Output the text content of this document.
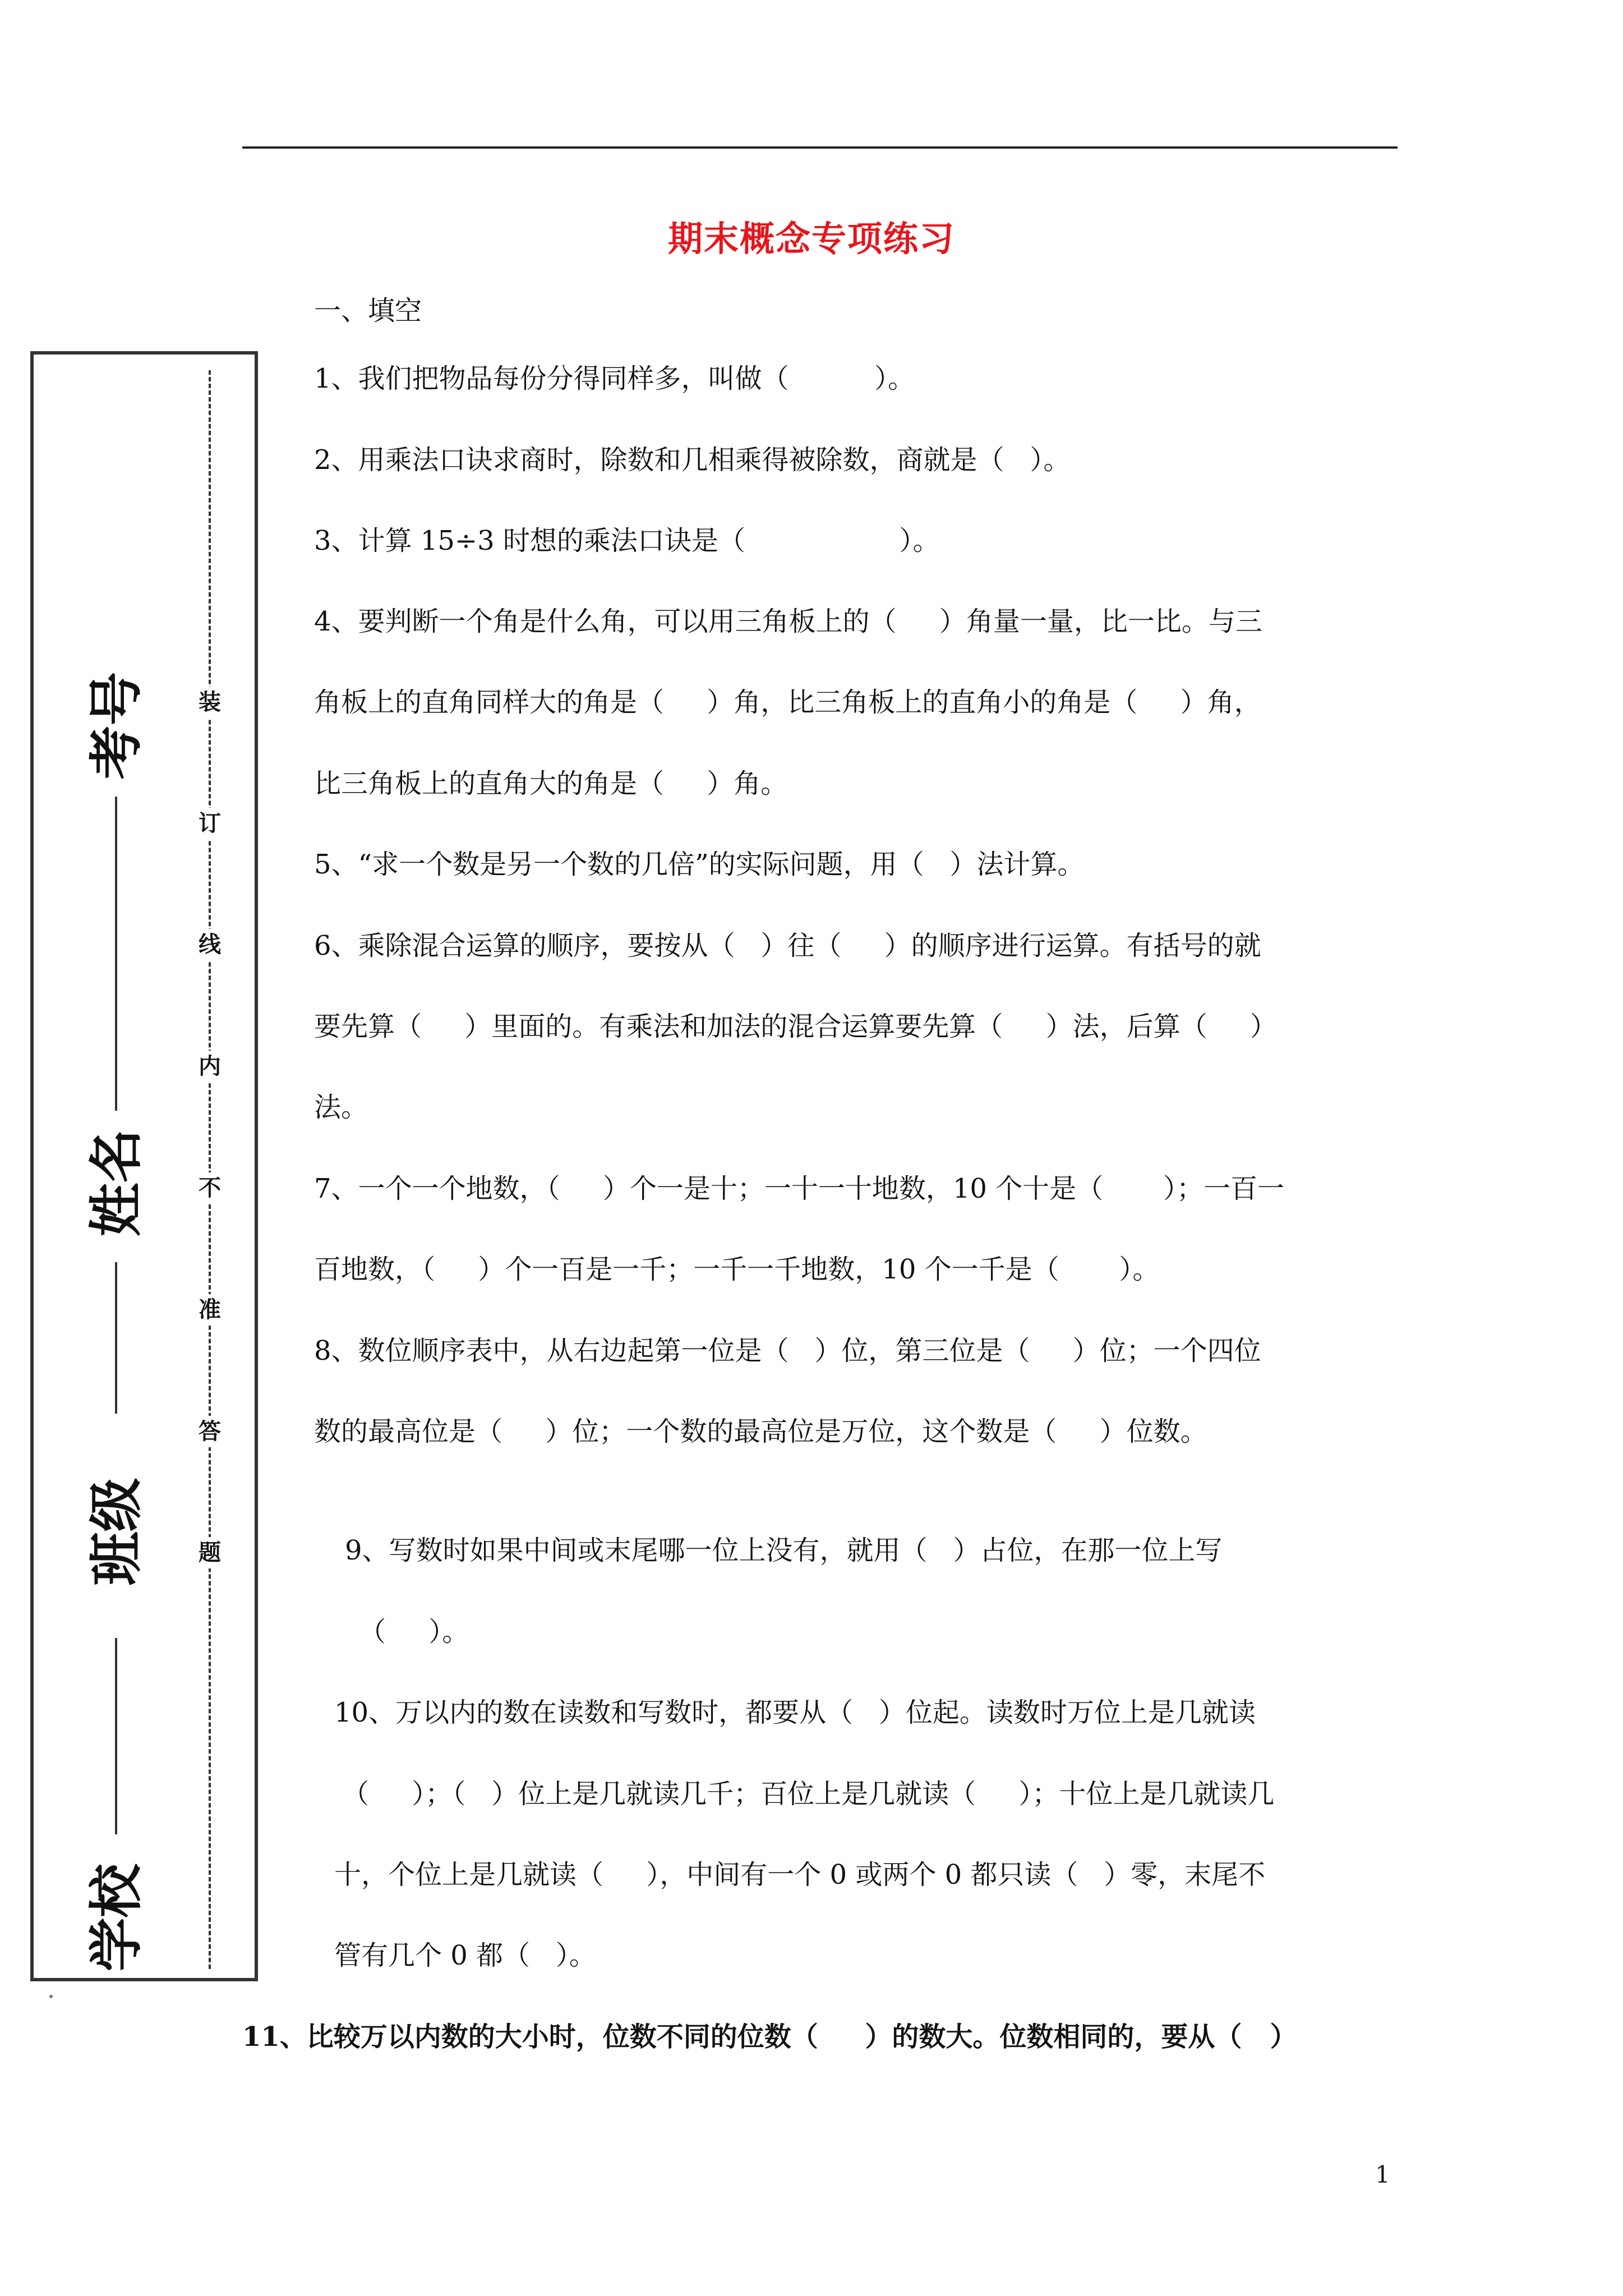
期末概念专项练习
一、填空
装
订
线
内
不
准
答
题
考号
姓名
班级
学校
1、我们把物品每份分得同样多，叫做（          ）。
2、用乘法口诀求商时，除数和几相乘得被除数，商就是（   ）。
3、计算 15÷3 时想的乘法口诀是（                  ）。
4、要判断一个角是什么角，可以用三角板上的（     ）角量一量，比一比。与三
角板上的直角同样大的角是（     ）角，比三角板上的直角小的角是（     ）角，
比三角板上的直角大的角是（     ）角。
5、“求一个数是另一个数的几倍”的实际问题，用（   ）法计算。
6、乘除混合运算的顺序，要按从（   ）往（     ）的顺序进行运算。有括号的就
要先算（     ）里面的。有乘法和加法的混合运算要先算（     ）法，后算（     ）
法。
7、一个一个地数，（     ）个一是十；一十一十地数，10 个十是（       ）；一百一
百地数，（     ）个一百是一千；一千一千地数，10 个一千是（       ）。
8、数位顺序表中，从右边起第一位是（   ）位，第三位是（     ）位；一个四位
数的最高位是（     ）位；一个数的最高位是万位，这个数是（     ）位数。
9、写数时如果中间或末尾哪一位上没有，就用（   ）占位，在那一位上写
（     ）。
10、万以内的数在读数和写数时，都要从（   ）位起。读数时万位上是几就读
（     ）；（   ）位上是几就读几千；百位上是几就读（     ）；十位上是几就读几
十，个位上是几就读（     ），中间有一个 0 或两个 0 都只读（   ）零，末尾不
管有几个 0 都（   ）。
11、比较万以内数的大小时，位数不同的位数（     ）的数大。位数相同的，要从（   ）
1
